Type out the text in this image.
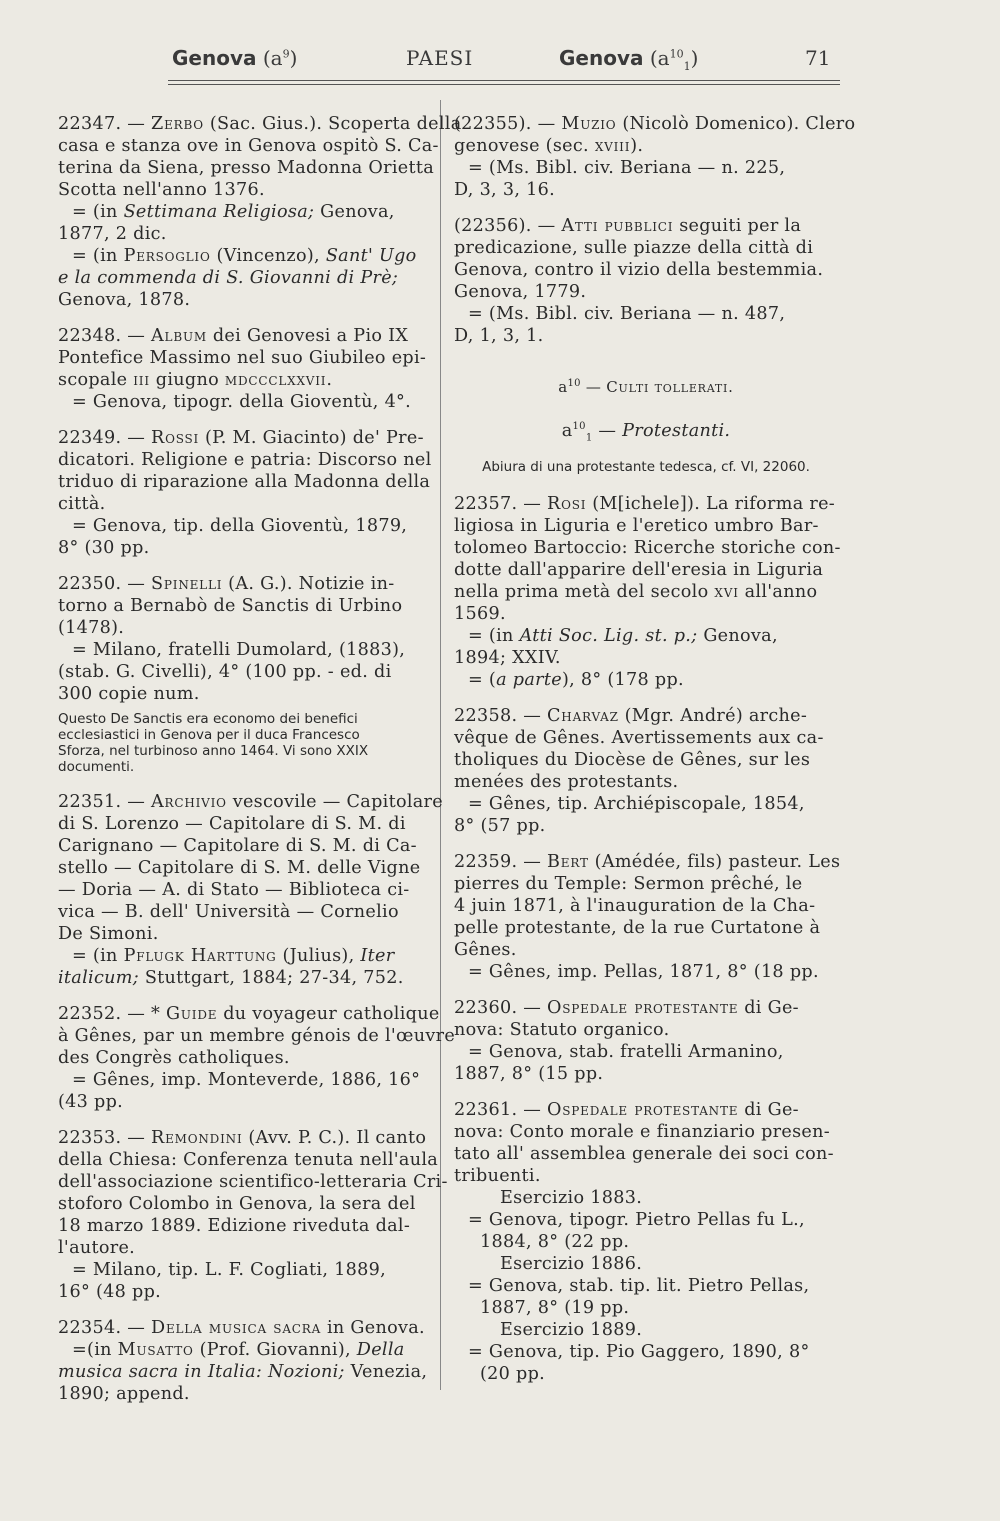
Genova $(a^9)$	PAESI	Genova $(a^{10}_1)$	71
22347. — Zerbo (Sac. Gius.). Scoperta della
casa e stanza ove in Genova ospitò S. Ca-
terina da Siena, presso Madonna Orietta
Scotta nell'anno 1376.
= (in Settimana Religiosa; Genova,
1877, 2 dic.
= (in Persoglio (Vincenzo), Sant' Ugo
e la commenda di S. Giovanni di Prè;
Genova, 1878.
22348. — Album dei Genovesi a Pio IX
Pontefice Massimo nel suo Giubileo epi-
scopale iii giugno mdccclxxvii.
= Genova, tipogr. della Gioventù, 4°.
22349. — Rossi (P. M. Giacinto) de' Pre-
dicatori. Religione e patria: Discorso nel
triduo di riparazione alla Madonna della
città.
= Genova, tip. della Gioventù, 1879,
8° (30 pp.
22350. — Spinelli (A. G.). Notizie in-
torno a Bernabò de Sanctis di Urbino
(1478).
= Milano, fratelli Dumolard, (1883),
(stab. G. Civelli), 4° (100 pp. - ed. di
300 copie num.
Questo De Sanctis era economo dei benefici
ecclesiastici in Genova per il duca Francesco
Sforza, nel turbinoso anno 1464. Vi sono XXIX
documenti.
22351. — Archivio vescovile — Capitolare
di S. Lorenzo — Capitolare di S. M. di
Carignano — Capitolare di S. M. di Ca-
stello — Capitolare di S. M. delle Vigne
— Doria — A. di Stato — Biblioteca ci-
vica — B. dell' Università — Cornelio
De Simoni.
= (in Pflugk Harttung (Julius), Iter
italicum; Stuttgart, 1884; 27-34, 752.
22352. — * Guide du voyageur catholique
à Gênes, par un membre génois de l'œuvre
des Congrès catholiques.
= Gênes, imp. Monteverde, 1886, 16°
(43 pp.
22353. — Remondini (Avv. P. C.). Il canto
della Chiesa: Conferenza tenuta nell'aula
dell'associazione scientifico-letteraria Cri-
stoforo Colombo in Genova, la sera del
18 marzo 1889. Edizione riveduta dal-
l'autore.
= Milano, tip. L. F. Cogliati, 1889,
16° (48 pp.
22354. — Della musica sacra in Genova.
=(in Musatto (Prof. Giovanni), Della
musica sacra in Italia: Nozioni; Venezia,
1890; append.
(22355). — Muzio (Nicolò Domenico). Clero
genovese (sec. xviii).
= (Ms. Bibl. civ. Beriana — n. 225,
D, 3, 3, 16.
(22356). — Atti pubblici seguiti per la
predicazione, sulle piazze della città di
Genova, contro il vizio della bestemmia.
Genova, 1779.
= (Ms. Bibl. civ. Beriana — n. 487,
D, 1, 3, 1.
$a^{10}$ — Culti tollerati.
$a^{10}_1$ — Protestanti.
Abiura di una protestante tedesca, cf. VI, 22060.
22357. — Rosi (M[ichele]). La riforma re-
ligiosa in Liguria e l'eretico umbro Bar-
tolomeo Bartoccio: Ricerche storiche con-
dotte dall'apparire dell'eresia in Liguria
nella prima metà del secolo xvi all'anno
1569.
= (in Atti Soc. Lig. st. p.; Genova,
1894; XXIV.
= (a parte), 8° (178 pp.
22358. — Charvaz (Mgr. André) arche-
vêque de Gênes. Avertissements aux ca-
tholiques du Diocèse de Gênes, sur les
menées des protestants.
= Gênes, tip. Archiépiscopale, 1854,
8° (57 pp.
22359. — Bert (Amédée, fils) pasteur. Les
pierres du Temple: Sermon prêché, le
4 juin 1871, à l'inauguration de la Cha-
pelle protestante, de la rue Curtatone à
Gênes.
= Gênes, imp. Pellas, 1871, 8° (18 pp.
22360. — Ospedale protestante di Ge-
nova: Statuto organico.
= Genova, stab. fratelli Armanino,
1887, 8° (15 pp.
22361. — Ospedale protestante di Ge-
nova: Conto morale e finanziario presen-
tato all' assemblea generale dei soci con-
tribuenti.
Esercizio 1883.
= Genova, tipogr. Pietro Pellas fu L.,
1884, 8° (22 pp.
Esercizio 1886.
= Genova, stab. tip. lit. Pietro Pellas,
1887, 8° (19 pp.
Esercizio 1889.
= Genova, tip. Pio Gaggero, 1890, 8°
(20 pp.
